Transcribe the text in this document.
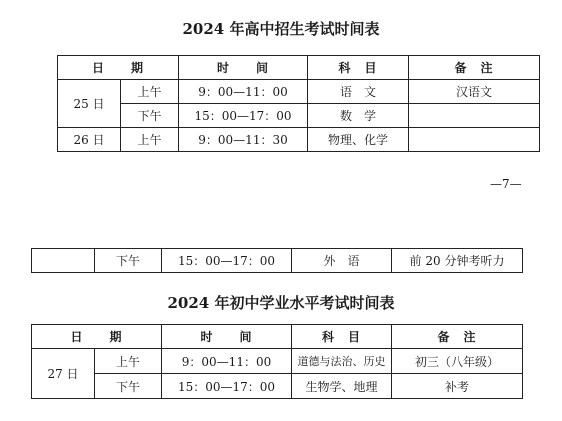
2024 年高中招生考试时间表
日　　期		时　　间	科　目	备　注
25 日	上午	9：00—11：00	语　文	汉语文
	下午	15：00—17：00	数　学	
26 日	上午	9：00—11：30	物理、化学	
—7—
	下午	15：00—17：00	外　语	前 20 分钟考听力
2024 年初中学业水平考试时间表
日　　期		时　　间	科　目	备　注
27 日	上午	9：00—11：00	道德与法治、历史	初三（八年级）
	下午	15：00—17：00	生物学、地理	补考
